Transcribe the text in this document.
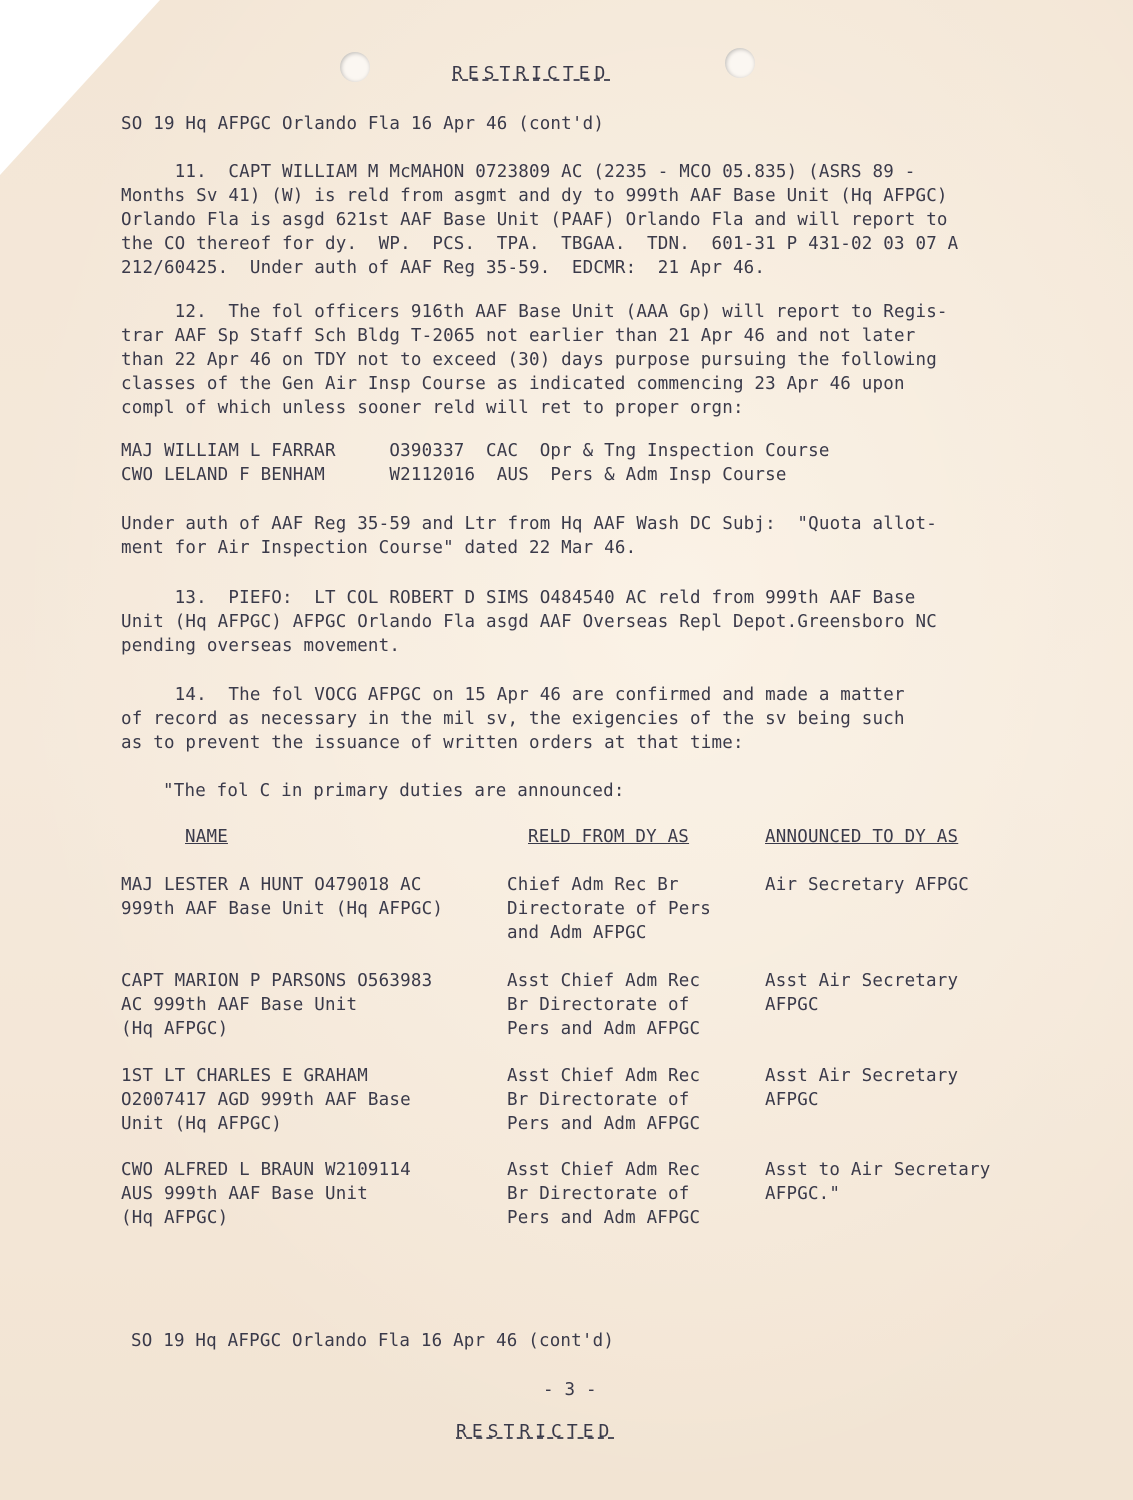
RESTRICTED
SO 19 Hq AFPGC Orlando Fla 16 Apr 46 (cont'd)
11.  CAPT WILLIAM M McMAHON 0723809 AC (2235 - MCO 05.835) (ASRS 89 -
Months Sv 41) (W) is reld from asgmt and dy to 999th AAF Base Unit (Hq AFPGC)
Orlando Fla is asgd 621st AAF Base Unit (PAAF) Orlando Fla and will report to
the CO thereof for dy.  WP.  PCS.  TPA.  TBGAA.  TDN.  601-31 P 431-02 03 07 A
212/60425.  Under auth of AAF Reg 35-59.  EDCMR:  21 Apr 46.
12.  The fol officers 916th AAF Base Unit (AAA Gp) will report to Regis-
trar AAF Sp Staff Sch Bldg T-2065 not earlier than 21 Apr 46 and not later
than 22 Apr 46 on TDY not to exceed (30) days purpose pursuing the following
classes of the Gen Air Insp Course as indicated commencing 23 Apr 46 upon
compl of which unless sooner reld will ret to proper orgn:
MAJ WILLIAM L FARRAR     O390337  CAC  Opr & Tng Inspection Course
CWO LELAND F BENHAM      W2112016  AUS  Pers & Adm Insp Course
Under auth of AAF Reg 35-59 and Ltr from Hq AAF Wash DC Subj:  "Quota allot-
ment for Air Inspection Course" dated 22 Mar 46.
13.  PIEFO:  LT COL ROBERT D SIMS O484540 AC reld from 999th AAF Base
Unit (Hq AFPGC) AFPGC Orlando Fla asgd AAF Overseas Repl Depot.Greensboro NC
pending overseas movement.
14.  The fol VOCG AFPGC on 15 Apr 46 are confirmed and made a matter
of record as necessary in the mil sv, the exigencies of the sv being such
as to prevent the issuance of written orders at that time:
"The fol C in primary duties are announced:
NAME	RELD FROM DY AS	ANNOUNCED TO DY AS
MAJ LESTER A HUNT O479018 AC
999th AAF Base Unit (Hq AFPGC)
Chief Adm Rec Br
Directorate of Pers
and Adm AFPGC
Air Secretary AFPGC
CAPT MARION P PARSONS O563983
AC 999th AAF Base Unit
(Hq AFPGC)
Asst Chief Adm Rec
Br Directorate of
Pers and Adm AFPGC
Asst Air Secretary
AFPGC
1ST LT CHARLES E GRAHAM
O2007417 AGD 999th AAF Base
Unit (Hq AFPGC)
Asst Chief Adm Rec
Br Directorate of
Pers and Adm AFPGC
Asst Air Secretary
AFPGC
CWO ALFRED L BRAUN W2109114
AUS 999th AAF Base Unit
(Hq AFPGC)
Asst Chief Adm Rec
Br Directorate of
Pers and Adm AFPGC
Asst to Air Secretary
AFPGC."
SO 19 Hq AFPGC Orlando Fla 16 Apr 46 (cont'd)
- 3 -
RESTRICTED
